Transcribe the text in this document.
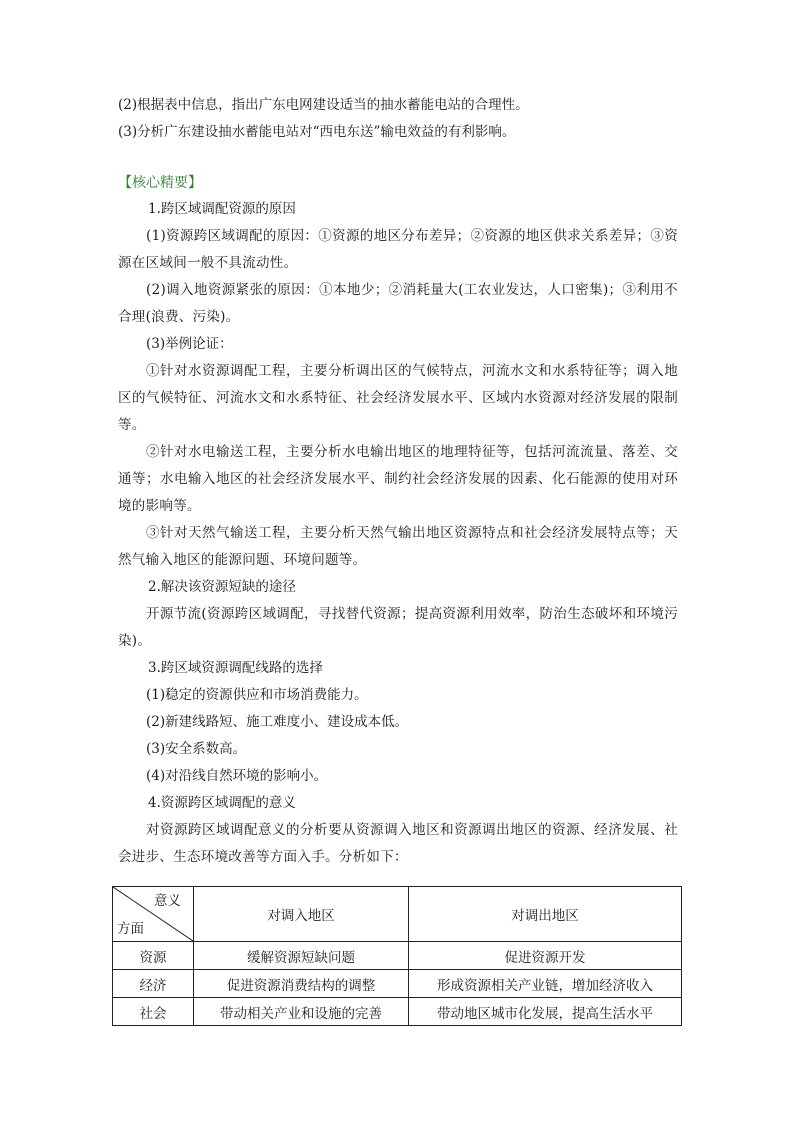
(2)根据表中信息，指出广东电网建设适当的抽水蓄能电站的合理性。
(3)分析广东建设抽水蓄能电站对“西电东送”输电效益的有利影响。
【核心精要】
1.跨区域调配资源的原因
(1)资源跨区域调配的原因：①资源的地区分布差异；②资源的地区供求关系差异；③资源在区域间一般不具流动性。
(2)调入地资源紧张的原因：①本地少；②消耗量大(工农业发达，人口密集)；③利用不合理(浪费、污染)。
(3)举例论证：
①针对水资源调配工程，主要分析调出区的气候特点，河流水文和水系特征等；调入地区的气候特征、河流水文和水系特征、社会经济发展水平、区域内水资源对经济发展的限制等。
②针对水电输送工程，主要分析水电输出地区的地理特征等，包括河流流量、落差、交通等；水电输入地区的社会经济发展水平、制约社会经济发展的因素、化石能源的使用对环境的影响等。
③针对天然气输送工程，主要分析天然气输出地区资源特点和社会经济发展特点等；天然气输入地区的能源问题、环境问题等。
2.解决该资源短缺的途径
开源节流(资源跨区域调配，寻找替代资源；提高资源利用效率，防治生态破坏和环境污染)。
3.跨区域资源调配线路的选择
(1)稳定的资源供应和市场消费能力。
(2)新建线路短、施工难度小、建设成本低。
(3)安全系数高。
(4)对沿线自然环境的影响小。
4.资源跨区域调配的意义
对资源跨区域调配意义的分析要从资源调入地区和资源调出地区的资源、经济发展、社会进步、生态环境改善等方面入手。分析如下：
意义
方面	对调入地区	对调出地区
资源	缓解资源短缺问题	促进资源开发
经济	促进资源消费结构的调整	形成资源相关产业链，增加经济收入
社会	带动相关产业和设施的完善	带动地区城市化发展，提高生活水平
